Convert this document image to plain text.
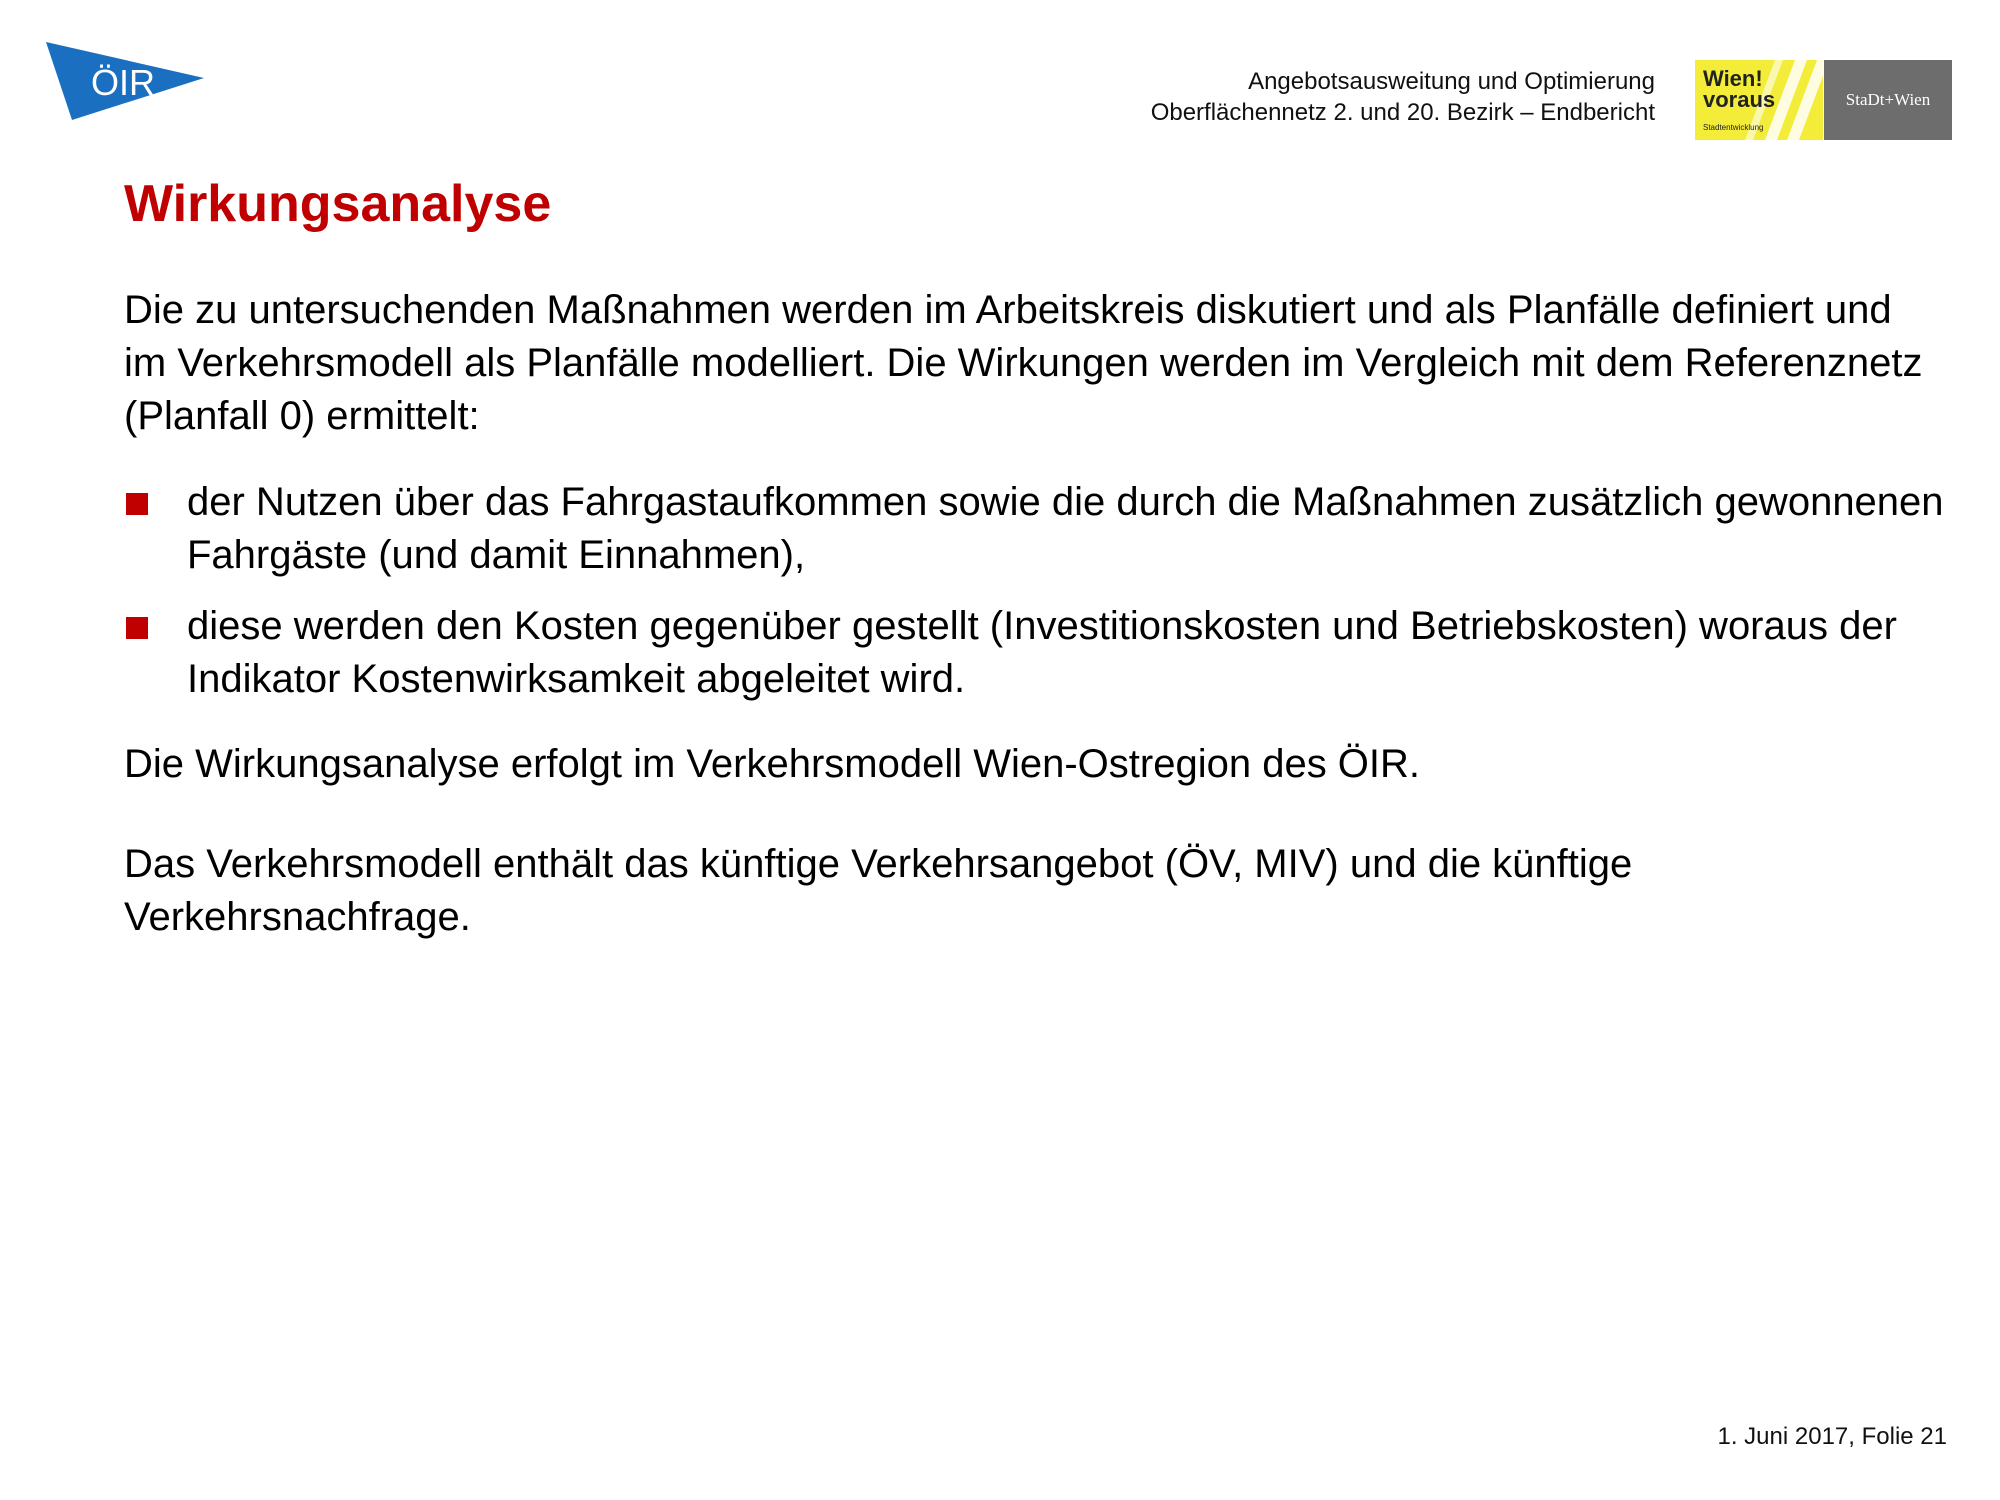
ÖIR	Angebotsausweitung und Optimierung
Oberflächennetz 2. und 20. Bezirk – Endbericht
Wien!
voraus
Stadtentwicklung
StaDt+Wien
Wirkungsanalyse

Die zu untersuchenden Maßnahmen werden im Arbeitskreis diskutiert und als Planfälle definiert und im Verkehrsmodell als Planfälle modelliert. Die Wirkungen werden im Vergleich mit dem Referenznetz (Planfall 0) ermittelt:

der Nutzen über das Fahrgastaufkommen sowie die durch die Maßnahmen zusätzlich gewonnenen Fahrgäste (und damit Einnahmen),
diese werden den Kosten gegenüber gestellt (Investitionskosten und Betriebskosten) woraus der Indikator Kostenwirksamkeit abgeleitet wird.

Die Wirkungsanalyse erfolgt im Verkehrsmodell Wien-Ostregion des ÖIR.

Das Verkehrsmodell enthält das künftige Verkehrsangebot (ÖV, MIV) und die künftige Verkehrsnachfrage.

1. Juni 2017, Folie 21
